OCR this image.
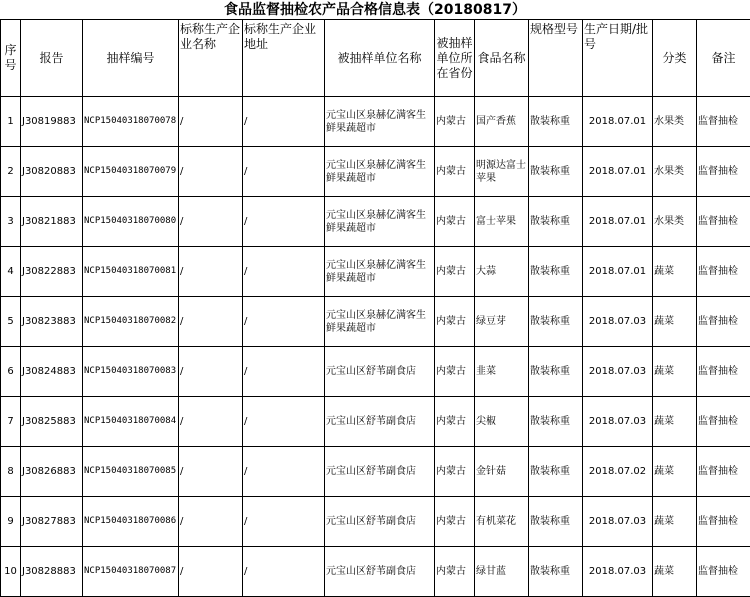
食品监督抽检农产品合格信息表（20180817）
序号	报告	抽样编号	标称生产企业名称	标称生产企业地址	被抽样单位名称	被抽样单位所在省份	食品名称	规格型号	生产日期/批号	分类	备注
1	J30819883	NCP15040318070078	/	/	元宝山区泉赫亿满客生鲜果蔬超市	内蒙古	国产香蕉	散装称重	2018.07.01	水果类	监督抽检
2	J30820883	NCP15040318070079	/	/	元宝山区泉赫亿满客生鲜果蔬超市	内蒙古	明源达富士苹果	散装称重	2018.07.01	水果类	监督抽检
3	J30821883	NCP15040318070080	/	/	元宝山区泉赫亿满客生鲜果蔬超市	内蒙古	富士苹果	散装称重	2018.07.01	水果类	监督抽检
4	J30822883	NCP15040318070081	/	/	元宝山区泉赫亿满客生鲜果蔬超市	内蒙古	大蒜	散装称重	2018.07.01	蔬菜	监督抽检
5	J30823883	NCP15040318070082	/	/	元宝山区泉赫亿满客生鲜果蔬超市	内蒙古	绿豆芽	散装称重	2018.07.03	蔬菜	监督抽检
6	J30824883	NCP15040318070083	/	/	元宝山区舒苇副食店	内蒙古	韭菜	散装称重	2018.07.03	蔬菜	监督抽检
7	J30825883	NCP15040318070084	/	/	元宝山区舒苇副食店	内蒙古	尖椒	散装称重	2018.07.03	蔬菜	监督抽检
8	J30826883	NCP15040318070085	/	/	元宝山区舒苇副食店	内蒙古	金针菇	散装称重	2018.07.02	蔬菜	监督抽检
9	J30827883	NCP15040318070086	/	/	元宝山区舒苇副食店	内蒙古	有机菜花	散装称重	2018.07.03	蔬菜	监督抽检
10	J30828883	NCP15040318070087	/	/	元宝山区舒苇副食店	内蒙古	绿甘蓝	散装称重	2018.07.03	蔬菜	监督抽检
